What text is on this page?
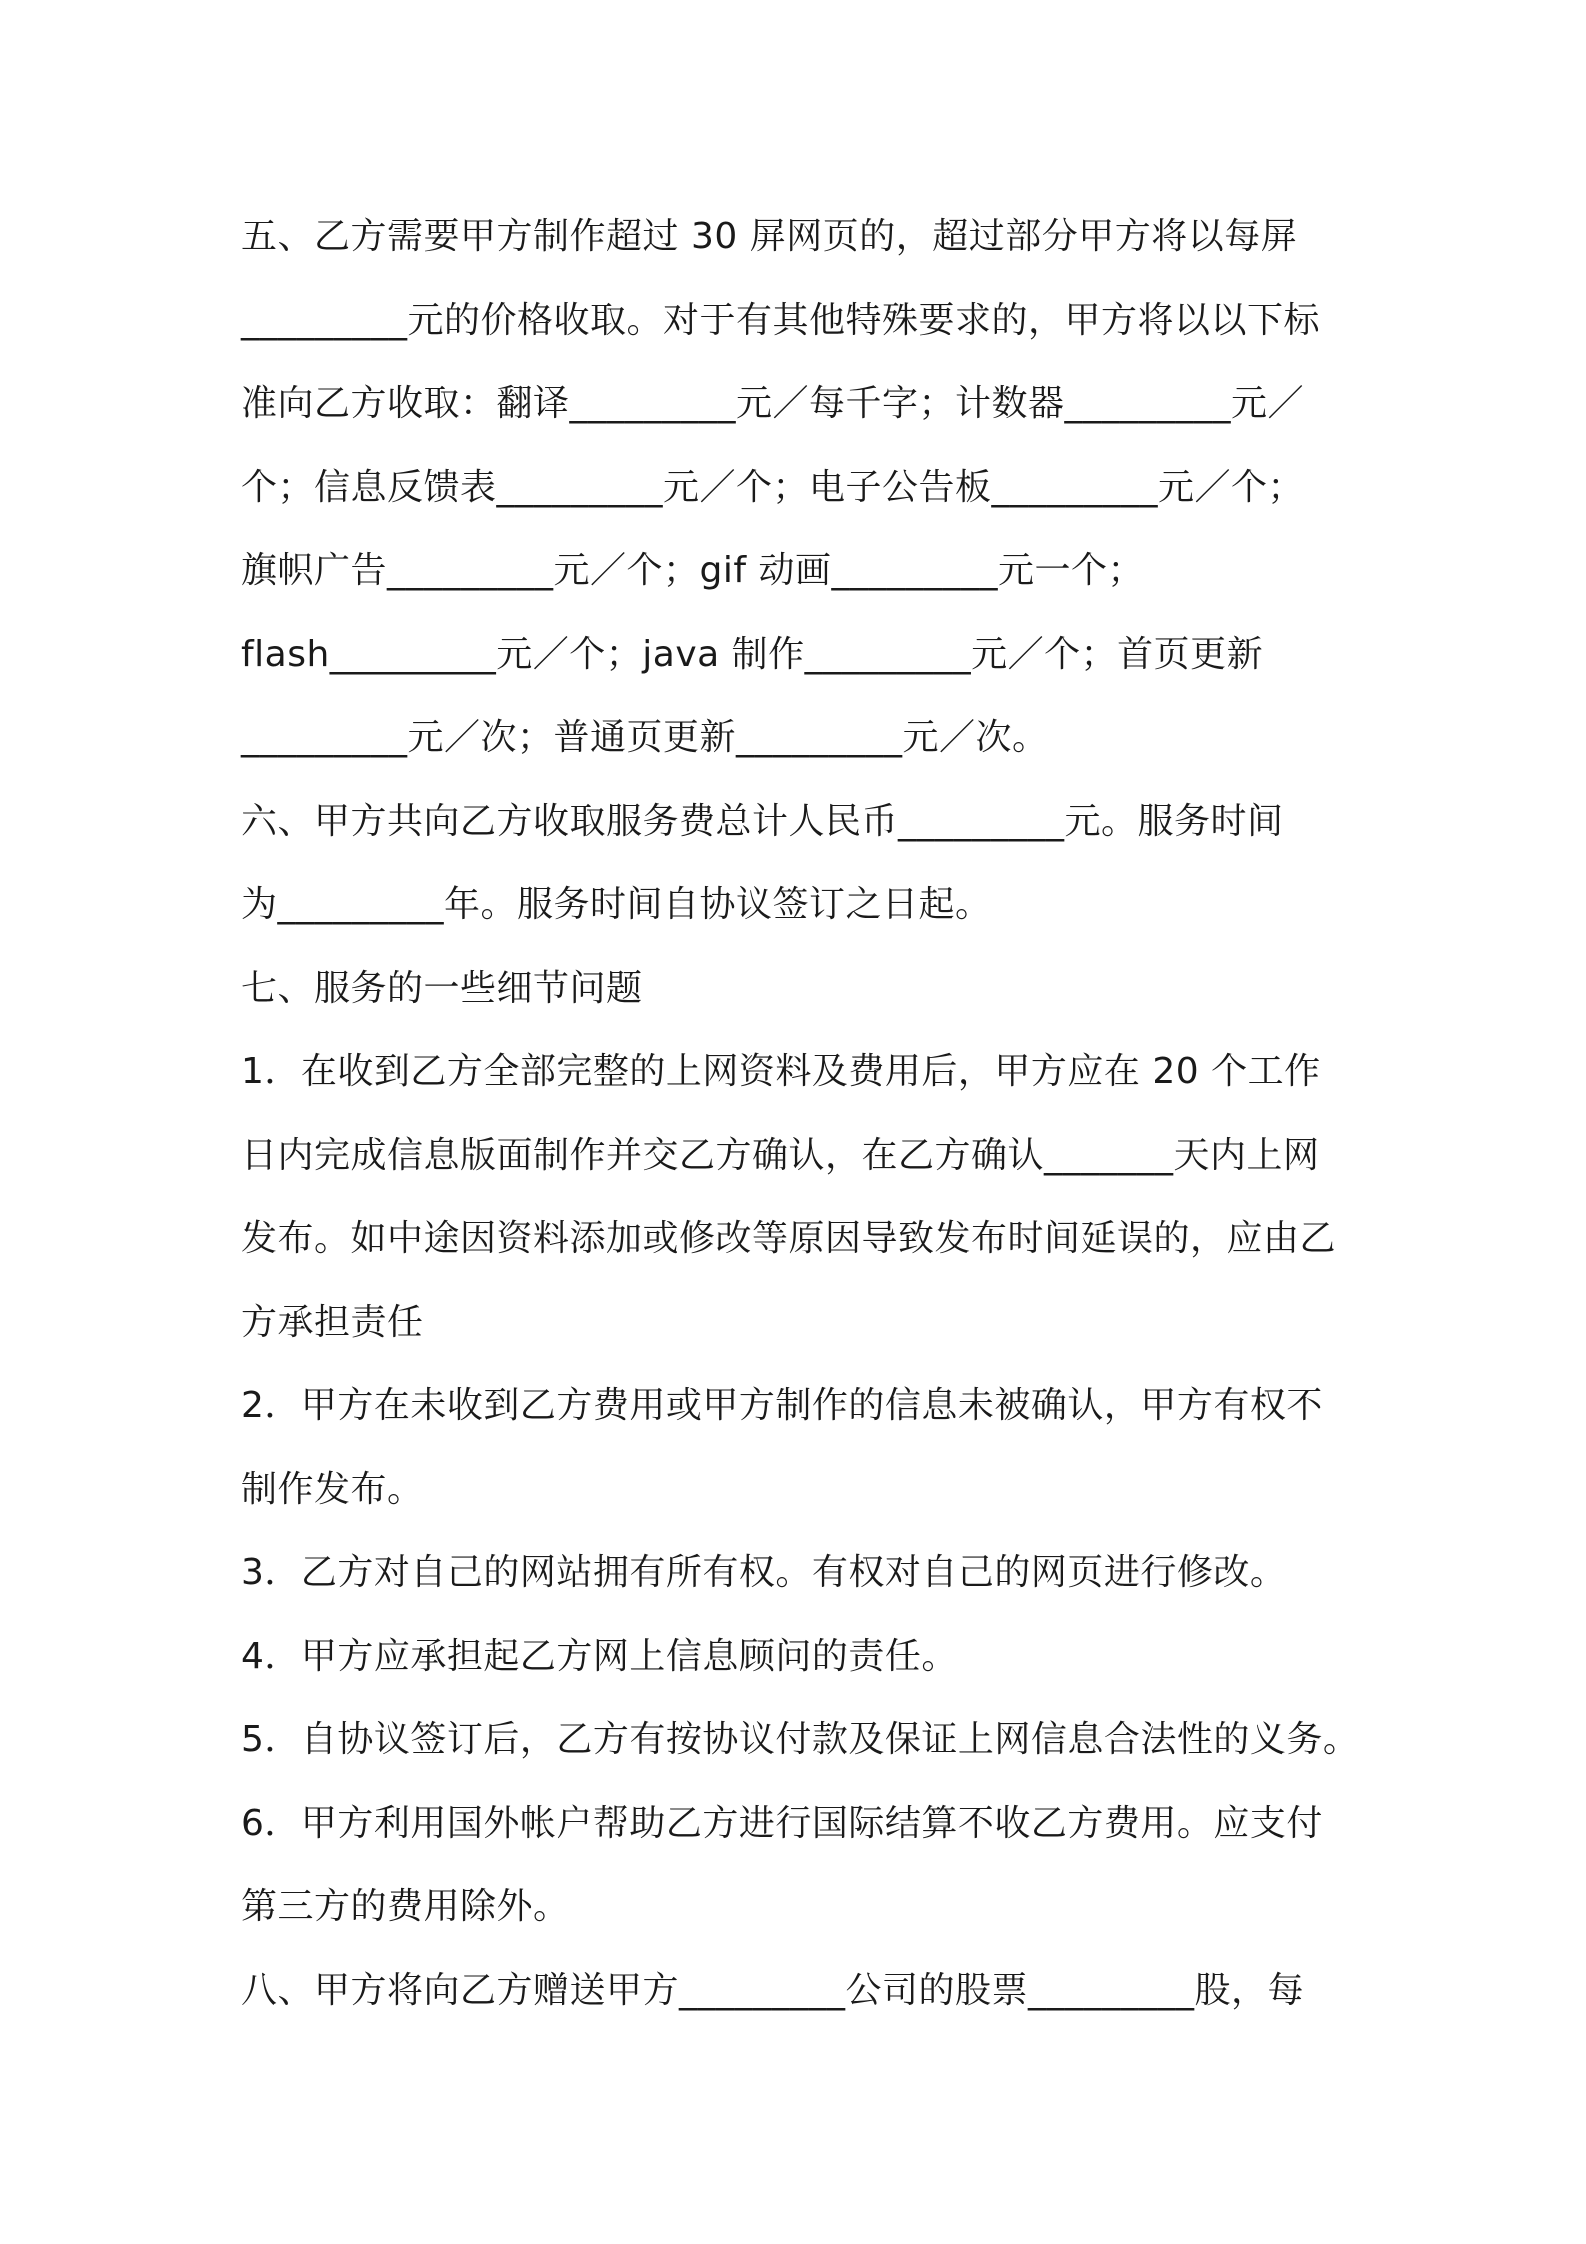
五、乙方需要甲方制作超过 30 屏网页的，超过部分甲方将以每屏
_________元的价格收取。对于有其他特殊要求的，甲方将以以下标
准向乙方收取：翻译_________元／每千字；计数器_________元／
个；信息反馈表_________元／个；电子公告板_________元／个；
旗帜广告_________元／个；gif 动画_________元一个；
flash_________元／个；java 制作_________元／个；首页更新
_________元／次；普通页更新_________元／次。
六、甲方共向乙方收取服务费总计人民币_________元。服务时间
为_________年。服务时间自协议签订之日起。
七、服务的一些细节问题
1．在收到乙方全部完整的上网资料及费用后，甲方应在 20 个工作
日内完成信息版面制作并交乙方确认，在乙方确认_______天内上网
发布。如中途因资料添加或修改等原因导致发布时间延误的，应由乙
方承担责任
2．甲方在未收到乙方费用或甲方制作的信息未被确认，甲方有权不
制作发布。
3．乙方对自己的网站拥有所有权。有权对自己的网页进行修改。
4．甲方应承担起乙方网上信息顾问的责任。
5．自协议签订后，乙方有按协议付款及保证上网信息合法性的义务。
6．甲方利用国外帐户帮助乙方进行国际结算不收乙方费用。应支付
第三方的费用除外。
八、甲方将向乙方赠送甲方_________公司的股票_________股，每
